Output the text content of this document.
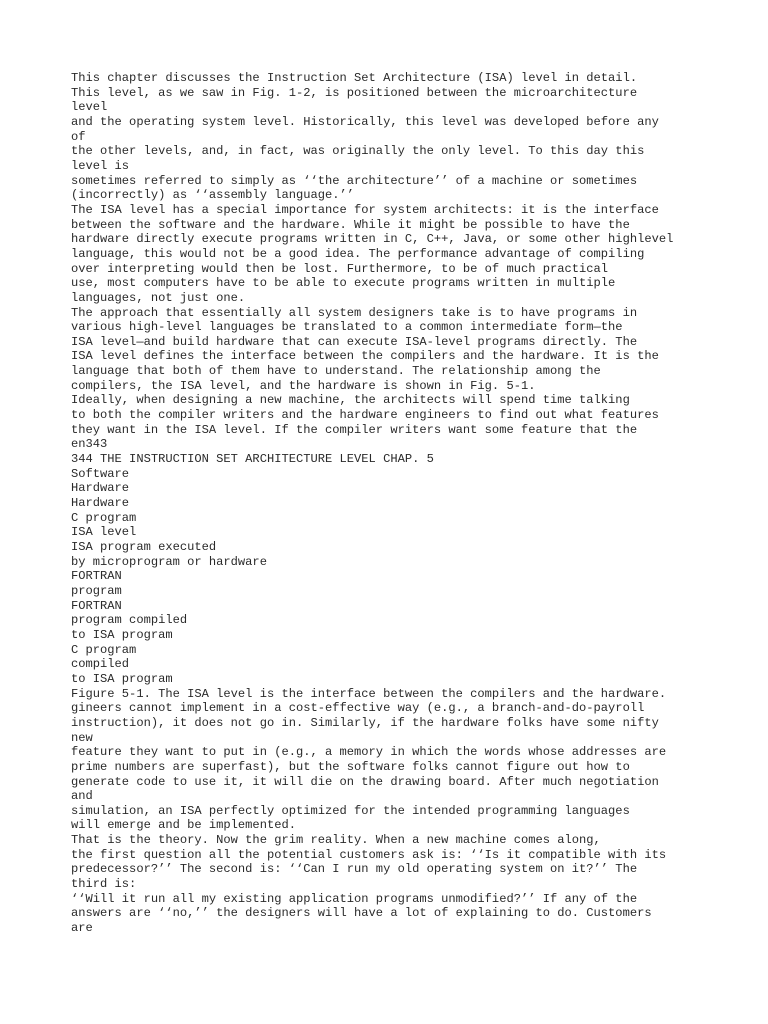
This chapter discusses the Instruction Set Architecture (ISA) level in detail.
This level, as we saw in Fig. 1-2, is positioned between the microarchitecture
level
and the operating system level. Historically, this level was developed before any
of
the other levels, and, in fact, was originally the only level. To this day this
level is
sometimes referred to simply as ‘‘the architecture’’ of a machine or sometimes
(incorrectly) as ‘‘assembly language.’’
The ISA level has a special importance for system architects: it is the interface
between the software and the hardware. While it might be possible to have the
hardware directly execute programs written in C, C++, Java, or some other highlevel
language, this would not be a good idea. The performance advantage of compiling
over interpreting would then be lost. Furthermore, to be of much practical
use, most computers have to be able to execute programs written in multiple
languages, not just one.
The approach that essentially all system designers take is to have programs in
various high-level languages be translated to a common intermediate form—the
ISA level—and build hardware that can execute ISA-level programs directly. The
ISA level defines the interface between the compilers and the hardware. It is the
language that both of them have to understand. The relationship among the
compilers, the ISA level, and the hardware is shown in Fig. 5-1.
Ideally, when designing a new machine, the architects will spend time talking
to both the compiler writers and the hardware engineers to find out what features
they want in the ISA level. If the compiler writers want some feature that the
en343
344 THE INSTRUCTION SET ARCHITECTURE LEVEL CHAP. 5
Software
Hardware
Hardware
C program
ISA level
ISA program executed
by microprogram or hardware
FORTRAN
program
FORTRAN
program compiled
to ISA program
C program
compiled
to ISA program
Figure 5-1. The ISA level is the interface between the compilers and the hardware.
gineers cannot implement in a cost-effective way (e.g., a branch-and-do-payroll
instruction), it does not go in. Similarly, if the hardware folks have some nifty
new
feature they want to put in (e.g., a memory in which the words whose addresses are
prime numbers are superfast), but the software folks cannot figure out how to
generate code to use it, it will die on the drawing board. After much negotiation
and
simulation, an ISA perfectly optimized for the intended programming languages
will emerge and be implemented.
That is the theory. Now the grim reality. When a new machine comes along,
the first question all the potential customers ask is: ‘‘Is it compatible with its
predecessor?’’ The second is: ‘‘Can I run my old operating system on it?’’ The
third is:
‘‘Will it run all my existing application programs unmodified?’’ If any of the
answers are ‘‘no,’’ the designers will have a lot of explaining to do. Customers
are
